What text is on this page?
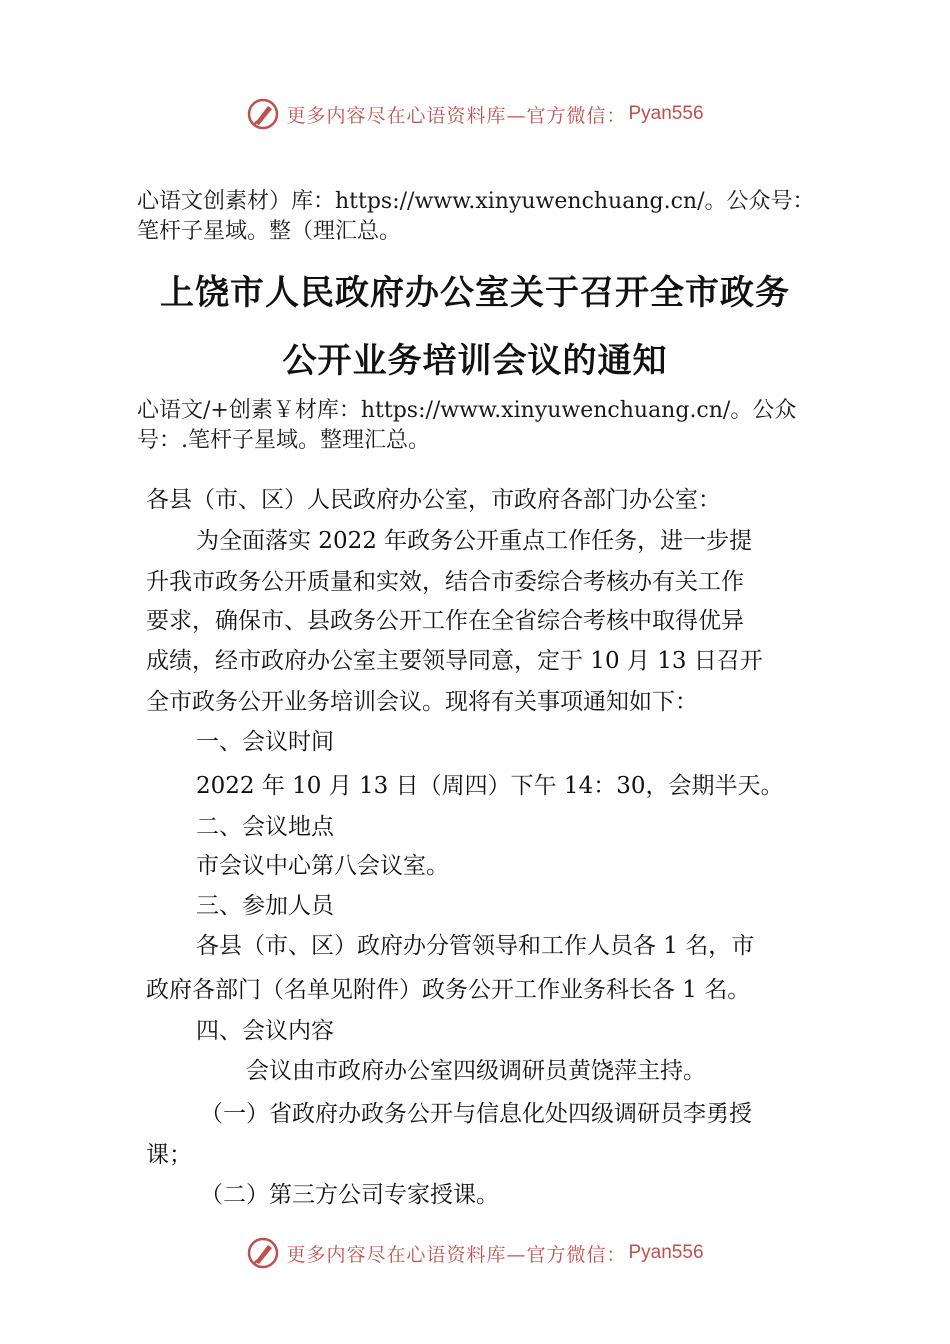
更多内容尽在心语资料库—官方微信： Pyan556
心语文创素材）库：https://www.xinyuwenchuang.cn/。公众号：笔杆子星域。整（理汇总。
上饶市人民政府办公室关于召开全市政务
公开业务培训会议的通知
心语文/+创素￥材库：https://www.xinyuwenchuang.cn/。公众号：.笔杆子星域。整理汇总。
各县（市、区）人民政府办公室，市政府各部门办公室：
为全面落实 2022 年政务公开重点工作任务，进一步提
升我市政务公开质量和实效，结合市委综合考核办有关工作
要求，确保市、县政务公开工作在全省综合考核中取得优异
成绩，经市政府办公室主要领导同意，定于 10 月 13 日召开
全市政务公开业务培训会议。现将有关事项通知如下：
一、会议时间
2022 年 10 月 13 日（周四）下午 14：30，会期半天。
二、会议地点
市会议中心第八会议室。
三、参加人员
各县（市、区）政府办分管领导和工作人员各 1 名，市
政府各部门（名单见附件）政务公开工作业务科长各 1 名。
四、会议内容
会议由市政府办公室四级调研员黄饶萍主持。
（一）省政府办政务公开与信息化处四级调研员李勇授
课；
（二）第三方公司专家授课。
更多内容尽在心语资料库—官方微信： Pyan556
